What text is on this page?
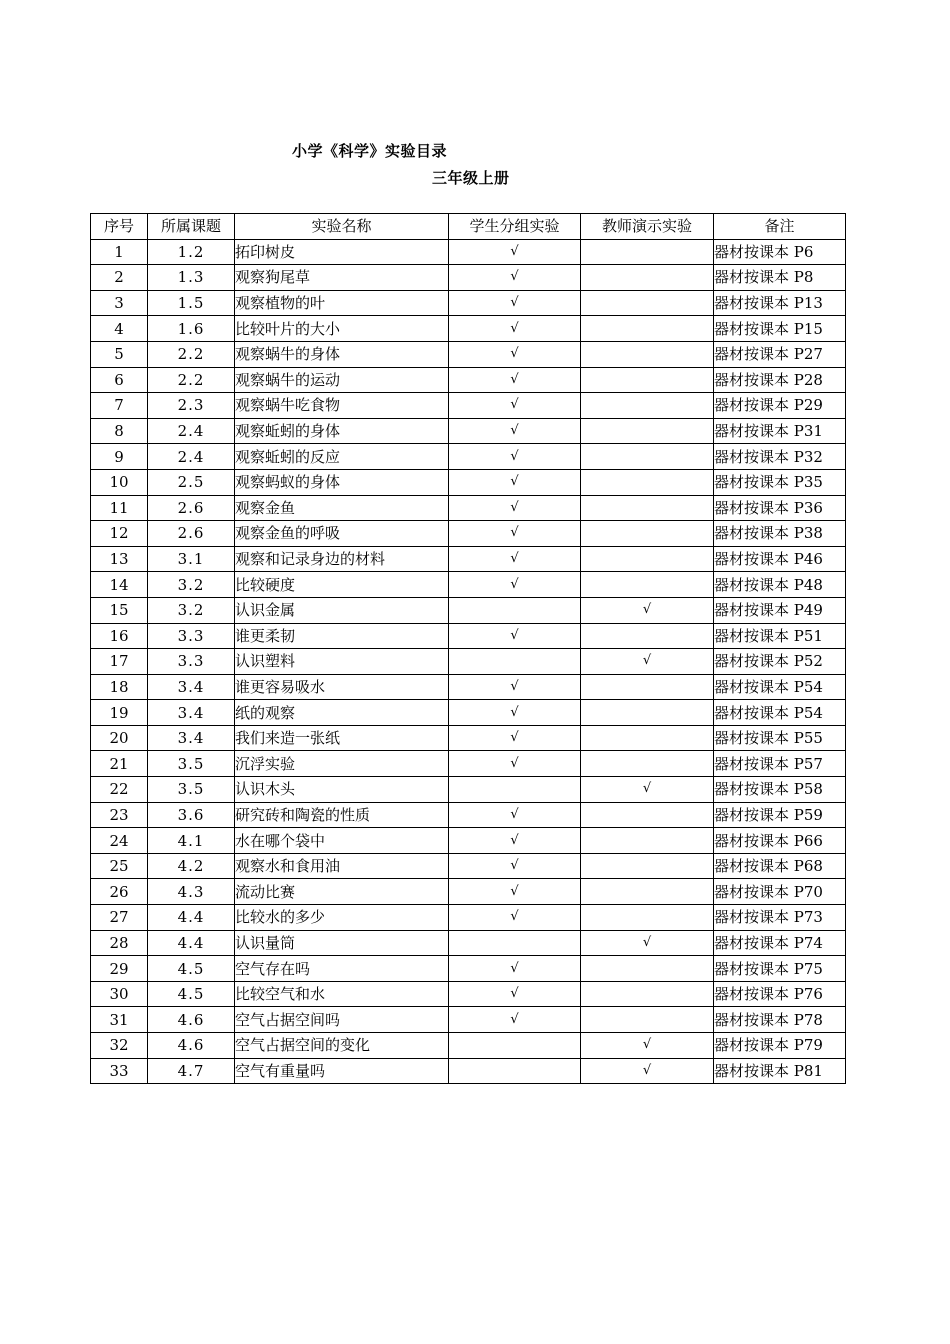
小学《科学》实验目录
三年级上册
序号	所属课题	实验名称	学生分组实验	教师演示实验	备注
1	1.2	拓印树皮	√		器材按课本 P6
2	1.3	观察狗尾草	√		器材按课本 P8
3	1.5	观察植物的叶	√		器材按课本 P13
4	1.6	比较叶片的大小	√		器材按课本 P15
5	2.2	观察蜗牛的身体	√		器材按课本 P27
6	2.2	观察蜗牛的运动	√		器材按课本 P28
7	2.3	观察蜗牛吃食物	√		器材按课本 P29
8	2.4	观察蚯蚓的身体	√		器材按课本 P31
9	2.4	观察蚯蚓的反应	√		器材按课本 P32
10	2.5	观察蚂蚁的身体	√		器材按课本 P35
11	2.6	观察金鱼	√		器材按课本 P36
12	2.6	观察金鱼的呼吸	√		器材按课本 P38
13	3.1	观察和记录身边的材料	√		器材按课本 P46
14	3.2	比较硬度	√		器材按课本 P48
15	3.2	认识金属		√	器材按课本 P49
16	3.3	谁更柔韧	√		器材按课本 P51
17	3.3	认识塑料		√	器材按课本 P52
18	3.4	谁更容易吸水	√		器材按课本 P54
19	3.4	纸的观察	√		器材按课本 P54
20	3.4	我们来造一张纸	√		器材按课本 P55
21	3.5	沉浮实验	√		器材按课本 P57
22	3.5	认识木头		√	器材按课本 P58
23	3.6	研究砖和陶瓷的性质	√		器材按课本 P59
24	4.1	水在哪个袋中	√		器材按课本 P66
25	4.2	观察水和食用油	√		器材按课本 P68
26	4.3	流动比赛	√		器材按课本 P70
27	4.4	比较水的多少	√		器材按课本 P73
28	4.4	认识量筒		√	器材按课本 P74
29	4.5	空气存在吗	√		器材按课本 P75
30	4.5	比较空气和水	√		器材按课本 P76
31	4.6	空气占据空间吗	√		器材按课本 P78
32	4.6	空气占据空间的变化		√	器材按课本 P79
33	4.7	空气有重量吗		√	器材按课本 P81
